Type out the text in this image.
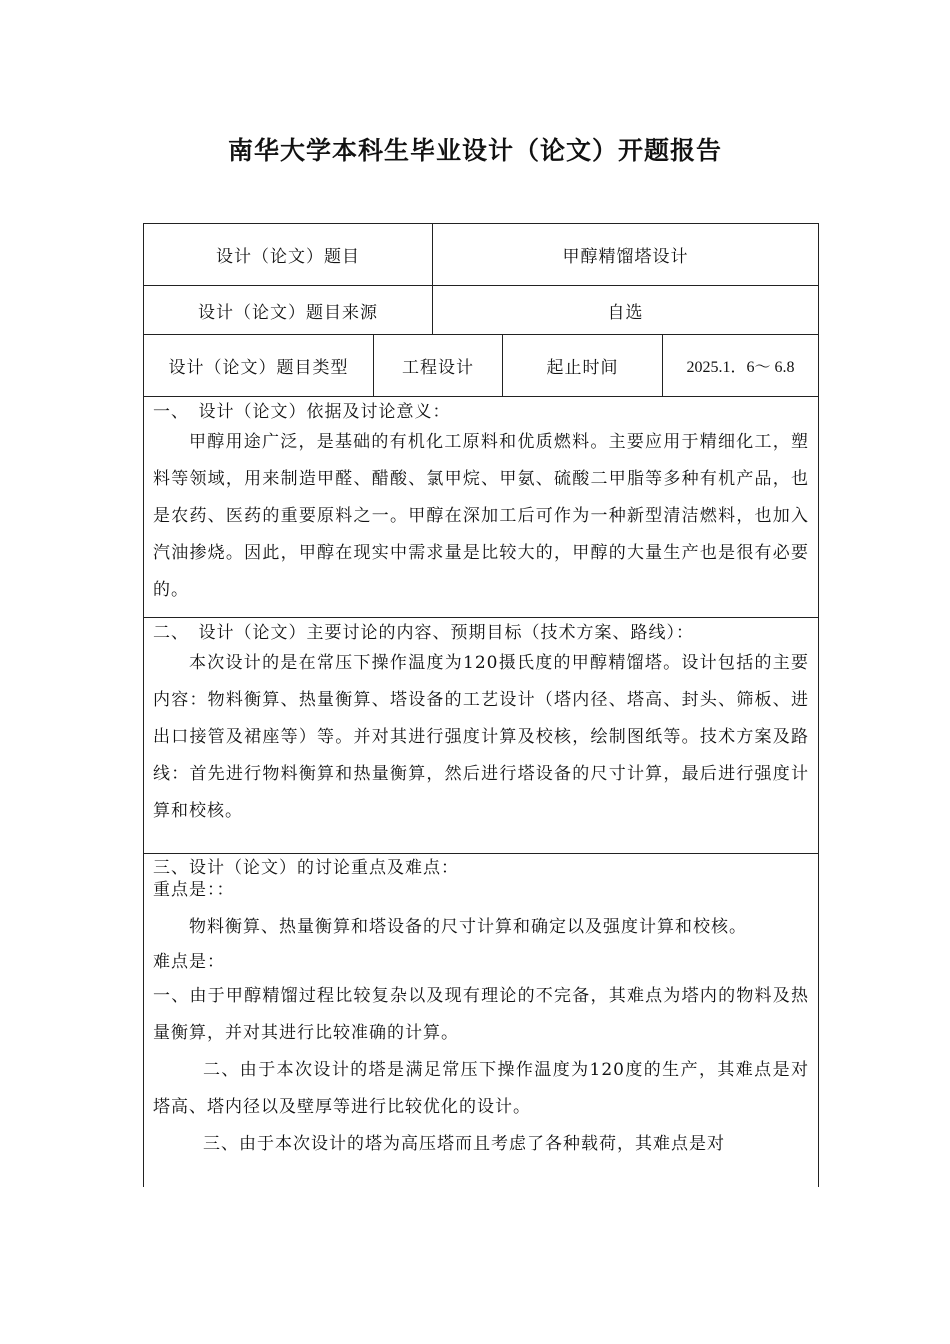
南华大学本科生毕业设计（论文）开题报告
设计（论文）题目	甲醇精馏塔设计
设计（论文）题目来源	自选
设计（论文）题目类型	工程设计	起止时间	2025.1．6～ 6.8

一、　设计（论文）依据及讨论意义：

甲醇用途广泛，是基础的有机化工原料和优质燃料。主要应用于精细化工，塑料等领域，用来制造甲醛、醋酸、氯甲烷、甲氨、硫酸二甲脂等多种有机产品，也是农药、医药的重要原料之一。甲醇在深加工后可作为一种新型清洁燃料，也加入汽油掺烧。因此，甲醇在现实中需求量是比较大的，甲醇的大量生产也是很有必要的。

二、　设计（论文）主要讨论的内容、预期目标（技术方案、路线）：

本次设计的是在常压下操作温度为120摄氏度的甲醇精馏塔。设计包括的主要内容：物料衡算、热量衡算、塔设备的工艺设计（塔内径、塔高、封头、筛板、进出口接管及裙座等）等。并对其进行强度计算及校核，绘制图纸等。技术方案及路线：首先进行物料衡算和热量衡算，然后进行塔设备的尺寸计算，最后进行强度计算和校核。

三、设计（论文）的讨论重点及难点：

重点是：：

物料衡算、热量衡算和塔设备的尺寸计算和确定以及强度计算和校核。

难点是：

一、由于甲醇精馏过程比较复杂以及现有理论的不完备，其难点为塔内的物料及热量衡算，并对其进行比较准确的计算。

二、由于本次设计的塔是满足常压下操作温度为120度的生产，其难点是对塔高、塔内径以及壁厚等进行比较优化的设计。

三、由于本次设计的塔为高压塔而且考虑了各种载荷，其难点是对
